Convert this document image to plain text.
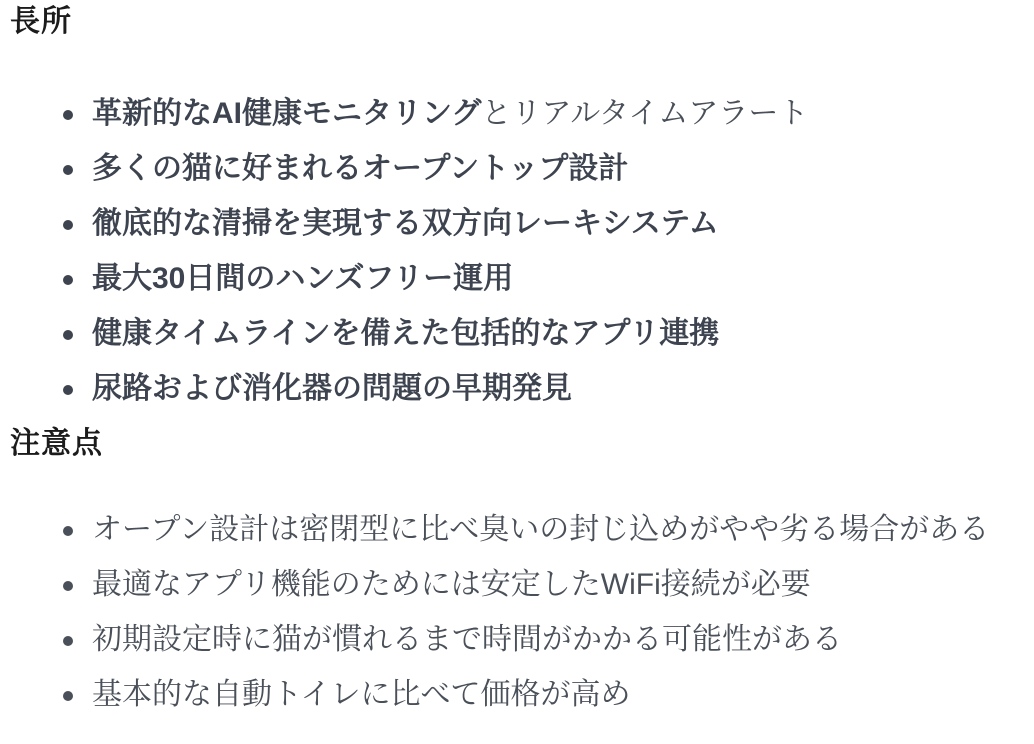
長所
革新的なAI健康モニタリングとリアルタイムアラート
多くの猫に好まれるオープントップ設計
徹底的な清掃を実現する双方向レーキシステム
最大30日間のハンズフリー運用
健康タイムラインを備えた包括的なアプリ連携
尿路および消化器の問題の早期発見
注意点
オープン設計は密閉型に比べ臭いの封じ込めがやや劣る場合がある
最適なアプリ機能のためには安定したWiFi接続が必要
初期設定時に猫が慣れるまで時間がかかる可能性がある
基本的な自動トイレに比べて価格が高め
